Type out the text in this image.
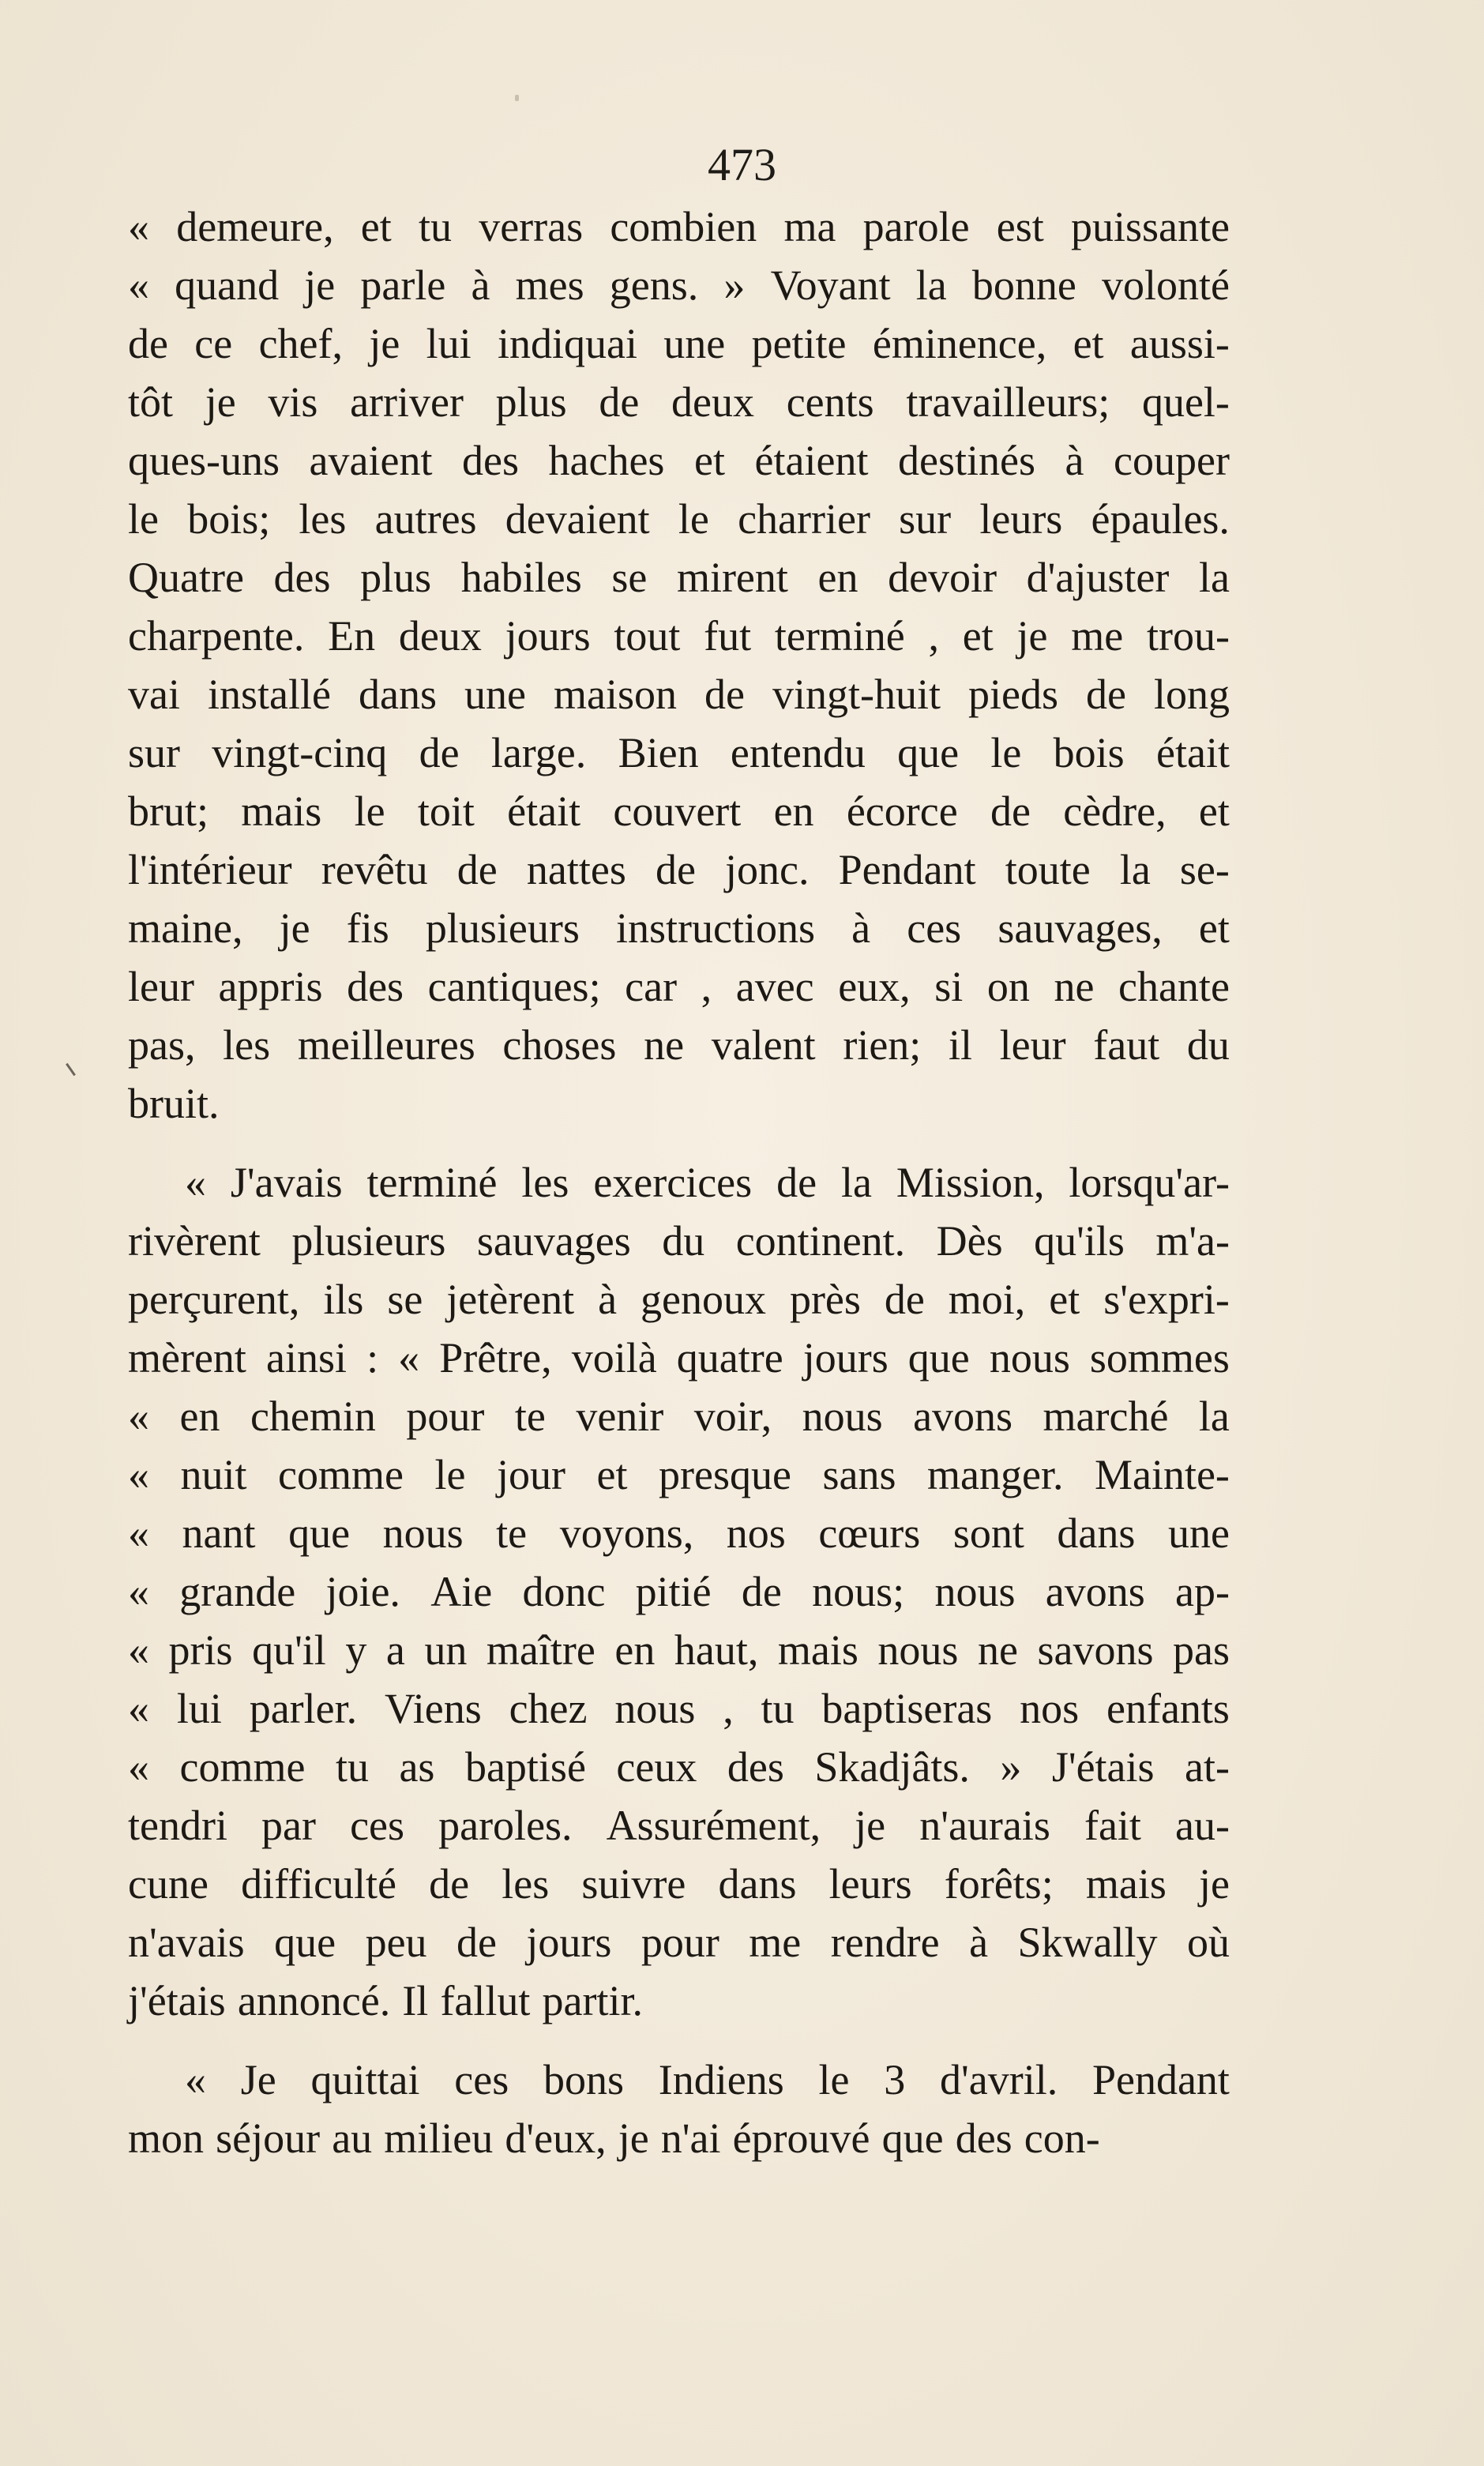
473
« demeure, et tu verras combien ma parole est puissante
« quand je parle à mes gens. » Voyant la bonne volonté
de ce chef, je lui indiquai une petite éminence, et aussi-
tôt je vis arriver plus de deux cents travailleurs; quel-
ques-uns avaient des haches et étaient destinés à couper
le bois; les autres devaient le charrier sur leurs épaules.
Quatre des plus habiles se mirent en devoir d'ajuster la
charpente. En deux jours tout fut terminé , et je me trou-
vai installé dans une maison de vingt-huit pieds de long
sur vingt-cinq de large. Bien entendu que le bois était
brut; mais le toit était couvert en écorce de cèdre, et
l'intérieur revêtu de nattes de jonc. Pendant toute la se-
maine, je fis plusieurs instructions à ces sauvages, et
leur appris des cantiques; car , avec eux, si on ne chante
pas, les meilleures choses ne valent rien; il leur faut du
bruit.
« J'avais terminé les exercices de la Mission, lorsqu'ar-
rivèrent plusieurs sauvages du continent. Dès qu'ils m'a-
perçurent, ils se jetèrent à genoux près de moi, et s'expri-
mèrent ainsi : « Prêtre, voilà quatre jours que nous sommes
« en chemin pour te venir voir, nous avons marché la
« nuit comme le jour et presque sans manger. Mainte-
« nant que nous te voyons, nos cœurs sont dans une
« grande joie. Aie donc pitié de nous; nous avons ap-
« pris qu'il y a un maître en haut, mais nous ne savons pas
« lui parler. Viens chez nous , tu baptiseras nos enfants
« comme tu as baptisé ceux des Skadjâts. » J'étais at-
tendri par ces paroles. Assurément, je n'aurais fait au-
cune difficulté de les suivre dans leurs forêts; mais je
n'avais que peu de jours pour me rendre à Skwally où
j'étais annoncé. Il fallut partir.
« Je quittai ces bons Indiens le 3 d'avril. Pendant
mon séjour au milieu d'eux, je n'ai éprouvé que des con-
